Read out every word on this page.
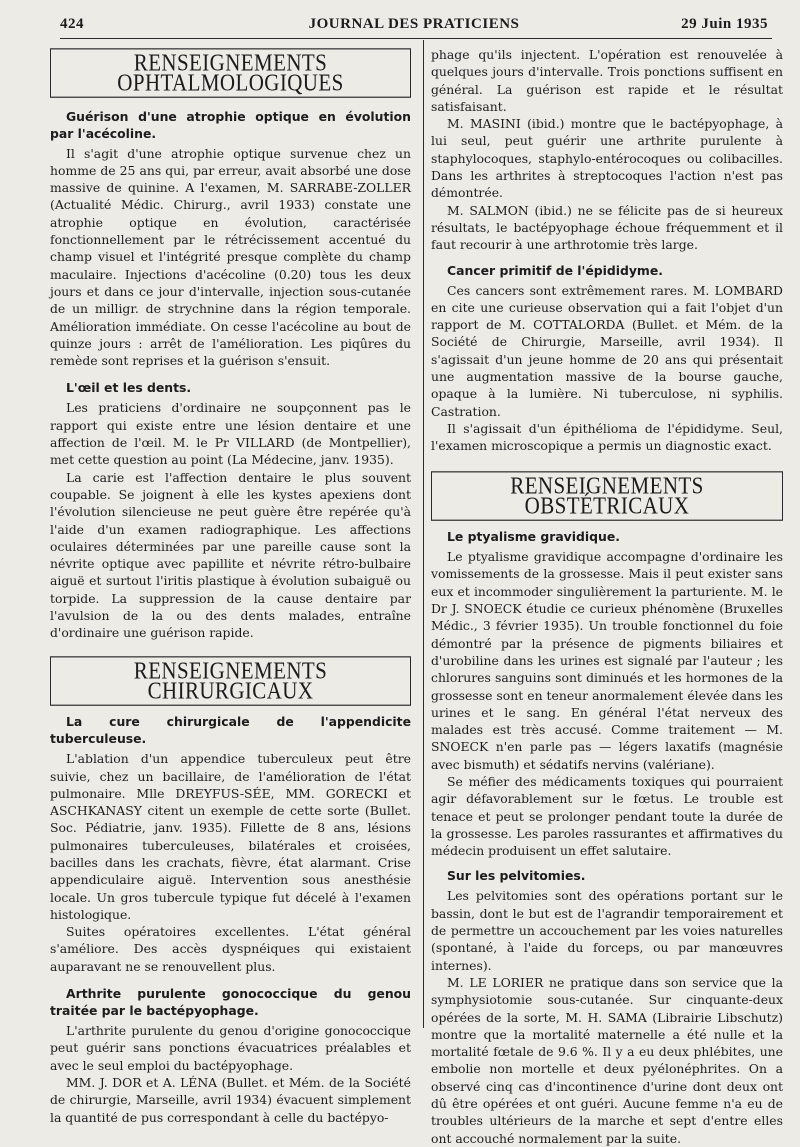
424	JOURNAL DES PRATICIENS	29 Juin 1935
RENSEIGNEMENTS OPHTALMOLOGIQUES

Guérison d'une atrophie optique en évolution par l'acécoline.

Il s'agit d'une atrophie optique survenue chez un homme de 25 ans qui, par erreur, avait absorbé une dose massive de quinine. A l'examen, M. SARRABE-ZOLLER (Actualité Médic. Chirurg., avril 1933) constate une atrophie optique en évolution, caractérisée fonctionnellement par le rétrécissement accentué du champ visuel et l'intégrité presque complète du champ maculaire. Injections d'acécoline (0.20) tous les deux jours et dans ce jour d'intervalle, injection sous-cutanée de un milligr. de strychnine dans la région temporale. Amélioration immédiate. On cesse l'acécoline au bout de quinze jours : arrêt de l'amélioration. Les piqûres du remède sont reprises et la guérison s'ensuit.

L'œil et les dents.

Les praticiens d'ordinaire ne soupçonnent pas le rapport qui existe entre une lésion dentaire et une affection de l'œil. M. le Pr VILLARD (de Montpellier), met cette question au point (La Médecine, janv. 1935).

La carie est l'affection dentaire le plus souvent coupable. Se joignent à elle les kystes apexiens dont l'évolution silencieuse ne peut guère être repérée qu'à l'aide d'un examen radiographique. Les affections oculaires déterminées par une pareille cause sont la névrite optique avec papillite et névrite rétro-bulbaire aiguë et surtout l'iritis plastique à évolution subaiguë ou torpide. La suppression de la cause dentaire par l'avulsion de la ou des dents malades, entraîne d'ordinaire une guérison rapide.

RENSEIGNEMENTS CHIRURGICAUX

La cure chirurgicale de l'appendicite tuberculeuse.

L'ablation d'un appendice tuberculeux peut être suivie, chez un bacillaire, de l'amélioration de l'état pulmonaire. Mlle DREYFUS-SÉE, MM. GORECKI et ASCHKANASY citent un exemple de cette sorte (Bullet. Soc. Pédiatrie, janv. 1935). Fillette de 8 ans, lésions pulmonaires tuberculeuses, bilatérales et croisées, bacilles dans les crachats, fièvre, état alarmant. Crise appendiculaire aiguë. Intervention sous anesthésie locale. Un gros tubercule typique fut décelé à l'examen histologique.

Suites opératoires excellentes. L'état général s'améliore. Des accès dyspnéiques qui existaient auparavant ne se renouvellent plus.

Arthrite purulente gonococcique du genou traitée par le bactépyophage.

L'arthrite purulente du genou d'origine gonococcique peut guérir sans ponctions évacuatrices préalables et avec le seul emploi du bactépyophage.

MM. J. DOR et A. LÉNA (Bullet. et Mém. de la Société de chirurgie, Marseille, avril 1934) évacuent simplement la quantité de pus correspondant à celle du bactépyo-

phage qu'ils injectent. L'opération est renouvelée à quelques jours d'intervalle. Trois ponctions suffisent en général. La guérison est rapide et le résultat satisfaisant.

M. MASINI (ibid.) montre que le bactépyophage, à lui seul, peut guérir une arthrite purulente à staphylocoques, staphylo-entérocoques ou colibacilles. Dans les arthrites à streptocoques l'action n'est pas démontrée.

M. SALMON (ibid.) ne se félicite pas de si heureux résultats, le bactépyophage échoue fréquemment et il faut recourir à une arthrotomie très large.

Cancer primitif de l'épididyme.

Ces cancers sont extrêmement rares. M. LOMBARD en cite une curieuse observation qui a fait l'objet d'un rapport de M. COTTALORDA (Bullet. et Mém. de la Société de Chirurgie, Marseille, avril 1934). Il s'agissait d'un jeune homme de 20 ans qui présentait une augmentation massive de la bourse gauche, opaque à la lumière. Ni tuberculose, ni syphilis. Castration.

Il s'agissait d'un épithélioma de l'épididyme. Seul, l'examen microscopique a permis un diagnostic exact.

RENSEIGNEMENTS OBSTÉTRICAUX

Le ptyalisme gravidique.

Le ptyalisme gravidique accompagne d'ordinaire les vomissements de la grossesse. Mais il peut exister sans eux et incommoder singulièrement la parturiente. M. le Dr J. SNOECK étudie ce curieux phénomène (Bruxelles Médic., 3 février 1935). Un trouble fonctionnel du foie démontré par la présence de pigments biliaires et d'urobiline dans les urines est signalé par l'auteur ; les chlorures sanguins sont diminués et les hormones de la grossesse sont en teneur anormalement élevée dans les urines et le sang. En général l'état nerveux des malades est très accusé. Comme traitement — M. SNOECK n'en parle pas — légers laxatifs (magnésie avec bismuth) et sédatifs nervins (valériane).

Se méfier des médicaments toxiques qui pourraient agir défavorablement sur le fœtus. Le trouble est tenace et peut se prolonger pendant toute la durée de la grossesse. Les paroles rassurantes et affirmatives du médecin produisent un effet salutaire.

Sur les pelvitomies.

Les pelvitomies sont des opérations portant sur le bassin, dont le but est de l'agrandir temporairement et de permettre un accouchement par les voies naturelles (spontané, à l'aide du forceps, ou par manœuvres internes).

M. LE LORIER ne pratique dans son service que la symphysiotomie sous-cutanée. Sur cinquante-deux opérées de la sorte, M. H. SAMA (Librairie Libschutz) montre que la mortalité maternelle a été nulle et la mortalité fœtale de 9.6 %. Il y a eu deux phlébites, une embolie non mortelle et deux pyélonéphrites. On a observé cinq cas d'incontinence d'urine dont deux ont dû être opérées et ont guéri. Aucune femme n'a eu de troubles ultérieurs de la marche et sept d'entre elles ont accouché normalement par la suite.
